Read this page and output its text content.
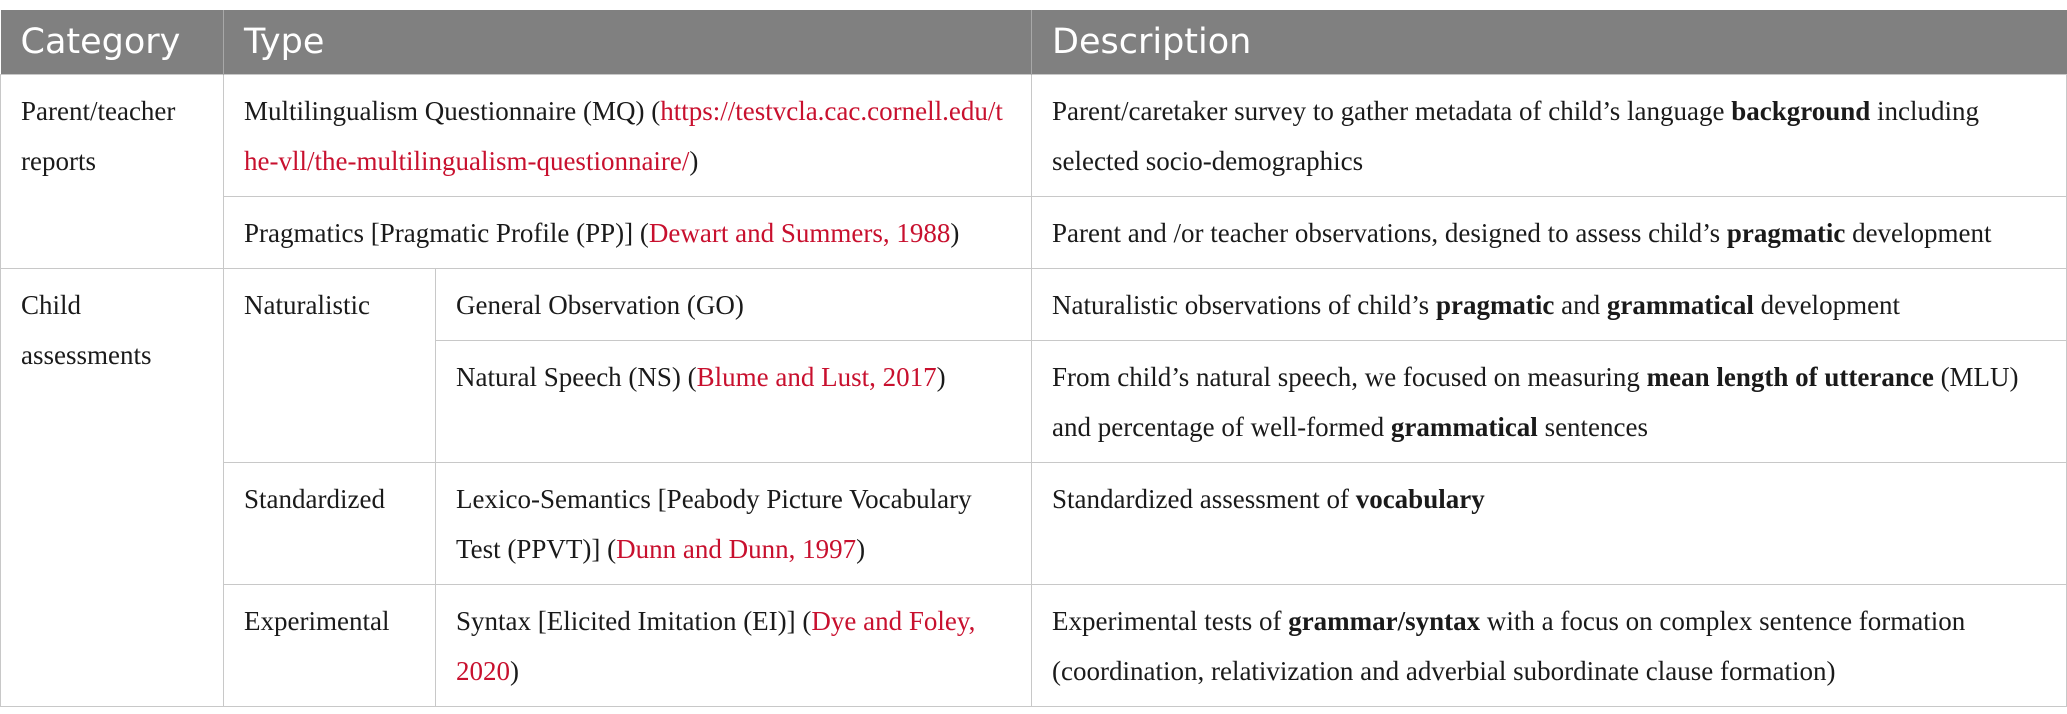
Category	Type		Description
Parent/teacher reports	Multilingualism Questionnaire (MQ) (https://testvcla.cac.cornell.edu/the-vll/the-multilingualism-questionnaire/)		Parent/caretaker survey to gather metadata of child’s language background including selected socio-demographics
	Pragmatics [Pragmatic Profile (PP)] (Dewart and Summers, 1988)		Parent and /or teacher observations, designed to assess child’s pragmatic development
Child assessments	Naturalistic	General Observation (GO)	Naturalistic observations of child’s pragmatic and grammatical development
		Natural Speech (NS) (Blume and Lust, 2017)	From child’s natural speech, we focused on measuring mean length of utterance (MLU) and percentage of well-formed grammatical sentences
	Standardized	Lexico-Semantics [Peabody Picture Vocabulary Test (PPVT)] (Dunn and Dunn, 1997)	Standardized assessment of vocabulary
	Experimental	Syntax [Elicited Imitation (EI)] (Dye and Foley, 2020)	Experimental tests of grammar/syntax with a focus on complex sentence formation (coordination, relativization and adverbial subordinate clause formation)
